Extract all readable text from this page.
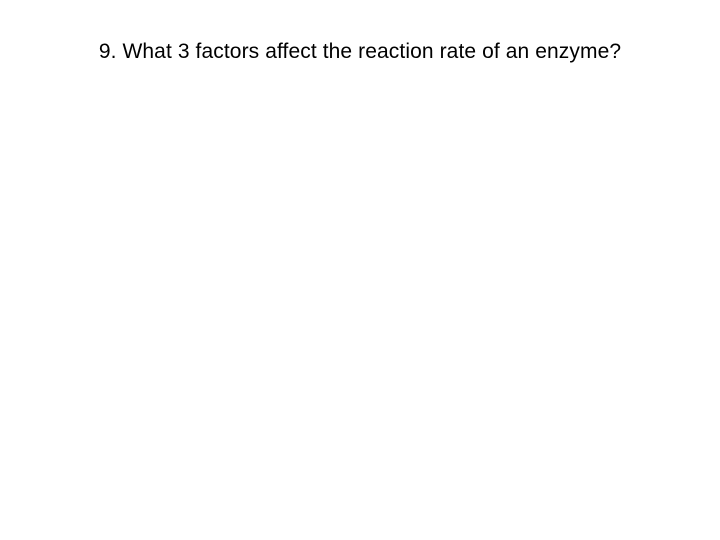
9. What 3 factors affect the reaction rate of an enzyme?
